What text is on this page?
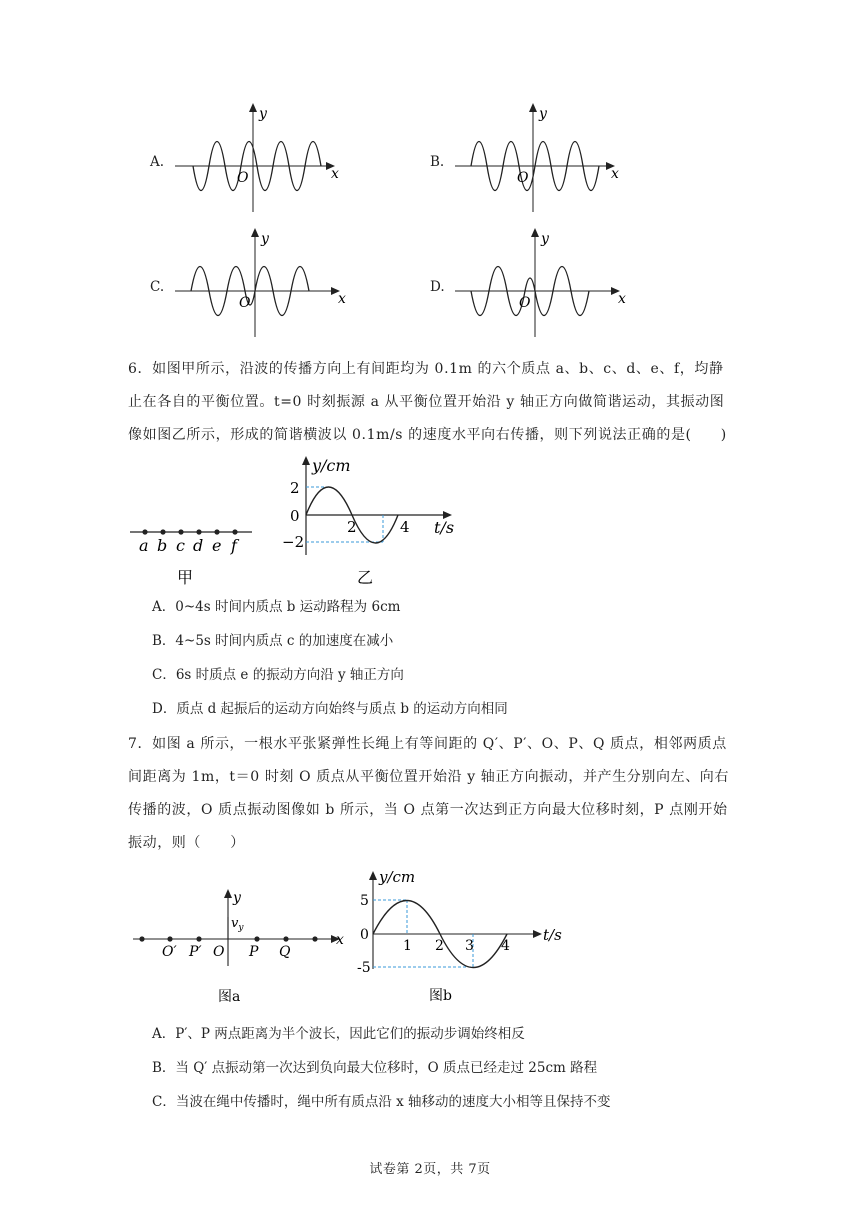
A.
y
x
O
B.
y
x
O
C.
y
x
O
D.
y
x
O
6．如图甲所示，沿波的传播方向上有间距均为 0.1m 的六个质点 a、b、c、d、e、f，均静
止在各自的平衡位置。t=0 时刻振源 a 从平衡位置开始沿 y 轴正方向做简谐运动，其振动图
像如图乙所示，形成的简谐横波以 0.1m/s 的速度水平向右传播，则下列说法正确的是(　　)
a b c d e f
甲
y/cm
t/s
2
0
−2
2	4
乙
A．0~4s 时间内质点 b 运动路程为 6cm
B．4~5s 时间内质点 c 的加速度在减小
C．6s 时质点 e 的振动方向沿 y 轴正方向
D．质点 d 起振后的运动方向始终与质点 b 的运动方向相同
7．如图 a 所示，一根水平张紧弹性长绳上有等间距的 Q′、P′、O、P、Q 质点，相邻两质点
间距离为 1m，t＝0 时刻 O 质点从平衡位置开始沿 y 轴正方向振动，并产生分别向左、向右
传播的波，O 质点振动图像如 b 所示，当 O 点第一次达到正方向最大位移时刻，P 点刚开始
振动，则（　　）
y
$v_y$
x
O′ P′ O P Q
图a
y/cm
t/s
5
0
-5
1 2 3 4
图b
A．P′、P 两点距离为半个波长，因此它们的振动步调始终相反
B．当 Q′ 点振动第一次达到负向最大位移时，O 质点已经走过 25cm 路程
C．当波在绳中传播时，绳中所有质点沿 x 轴移动的速度大小相等且保持不变
试卷第 2页，共 7页
